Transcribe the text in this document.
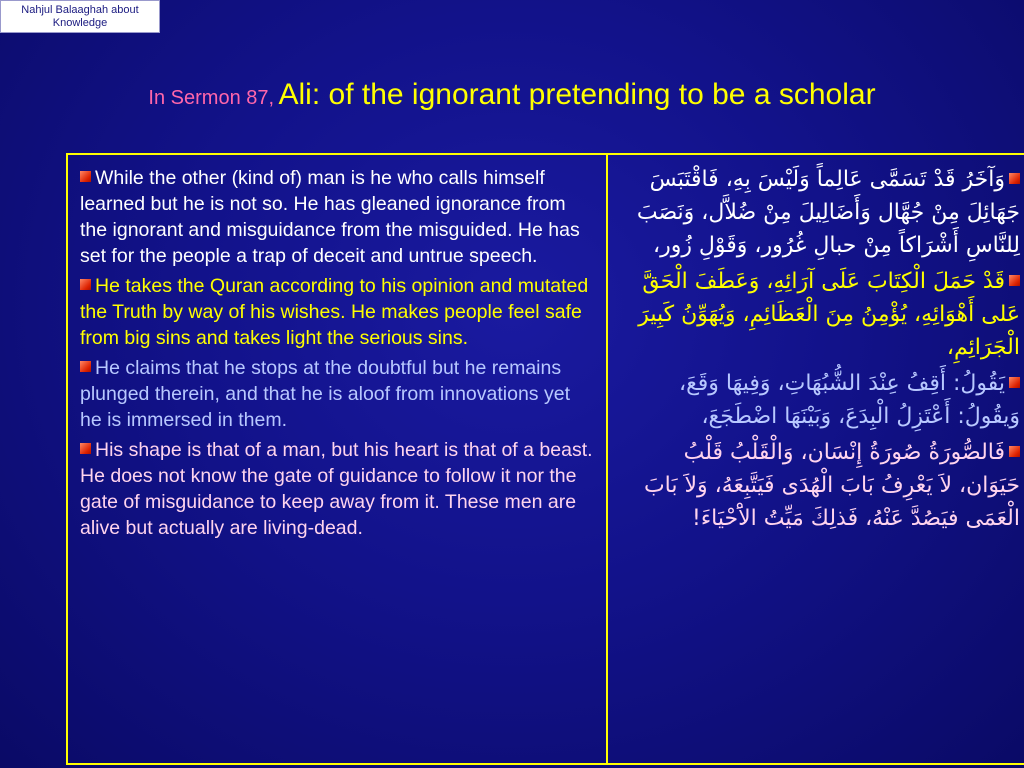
Nahjul Balaaghah about
Knowledge
In Sermon 87, Ali: of the ignorant pretending to be a scholar

While the other (kind of) man is he who calls himself learned but he is not so. He has gleaned ignorance from the ignorant and misguidance from the misguided. He has set for the people a trap of deceit and untrue speech.

He takes the Quran according to his opinion and mutated the Truth by way of his wishes. He makes people feel safe from big sins and takes light the serious sins.

He claims that he stops at the doubtful but he remains plunged therein, and that he is aloof from innovations yet he is immersed in them.

His shape is that of a man, but his heart is that of a beast. He does not know the gate of guidance to follow it nor the gate of misguidance to keep away from it. These men are alive but actually are living-dead.

وَآخَرُ قَدْ تَسَمَّى عَالِماً وَلَيْسَ بِهِ، فَاقْتَبَسَ جَهَائِلَ مِنْ جُهَّال وَأَضَالِيلَ مِنْ ضُلاَّل، وَنَصَبَ لِلنَّاسِ أَشْرَاكاً مِنْ حبالِ غُرُور، وَقَوْلِ زُور،

قَدْ حَمَلَ الْكِتَابَ عَلَى آرَائِهِ، وَعَطَفَ الْحَقَّ عَلى أَهْوَائِهِ، يُؤْمِنُ مِنَ الْعَظَائِمِ، وَيُهَوِّنُ كَبِيرَ الْجَرَائِمِ،

يَقُولُ: أَقِفُ عِنْدَ الشُّبُهَاتِ، وَفِيهَا وَقَعَ، وَيقُولُ: أَعْتَزِلُ الْبِدَعَ، وَبَيْنَهَا اضْطَجَعَ،

فَالصُّورَةُ صُورَةُ إِنْسَان، وَالْقَلْبُ قَلْبُ حَيَوَان، لاَ يَعْرِفُ بَابَ الْهُدَى فَيَتَّبِعَهُ، وَلاَ بَابَ الْعَمَى فيَصُدَّ عَنْهُ، فَذلِكَ مَيِّتُ الاَْحْيَاءَ!
